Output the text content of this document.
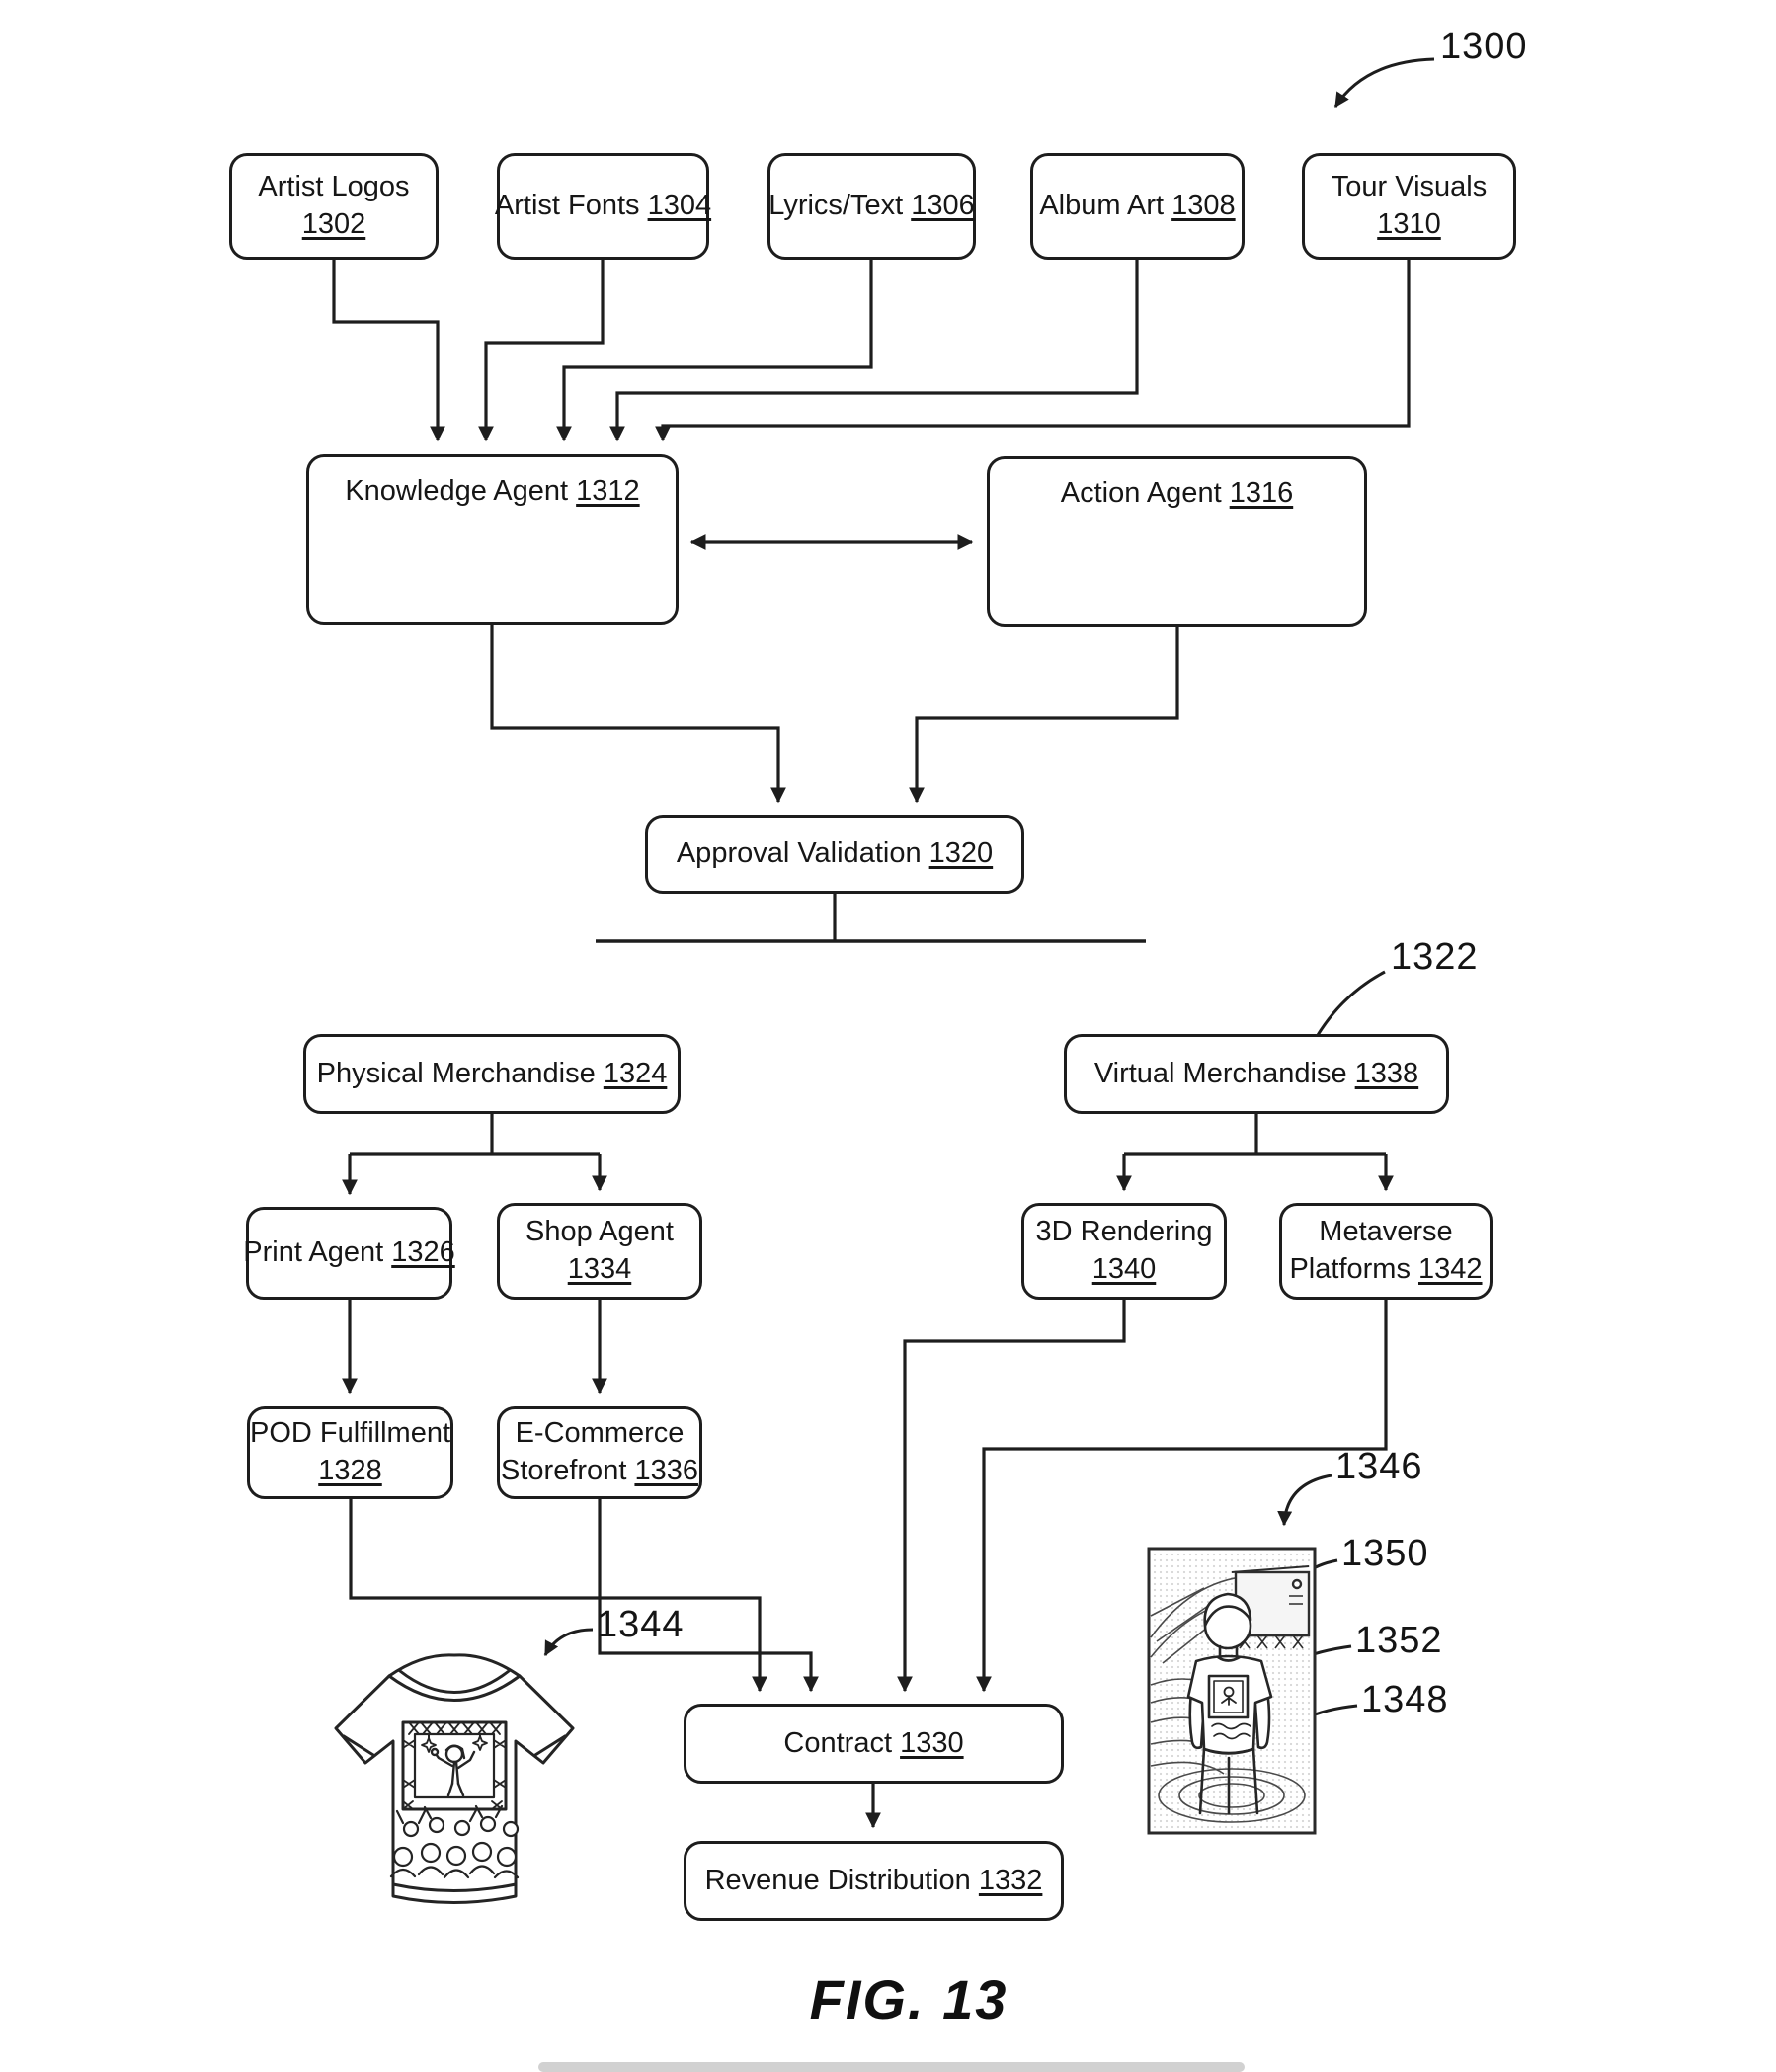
1300
1322
1344
1346
1350
1352
1348
Artist Logos
1302
Artist Fonts 1304 Lyrics/Text 1306 Album Art 1308
Tour Visuals
1310
Knowledge Agent 1312	Action Agent 1316
Approval Validation 1320
Physical Merchandise 1324	Virtual Merchandise 1338
Print Agent 1326
Shop Agent
1334
3D Rendering
1340
Metaverse
Platforms 1342
POD Fulfillment
1328
E-Commerce
Storefront 1336
Contract 1330
Revenue Distribution 1332
FIG. 13
